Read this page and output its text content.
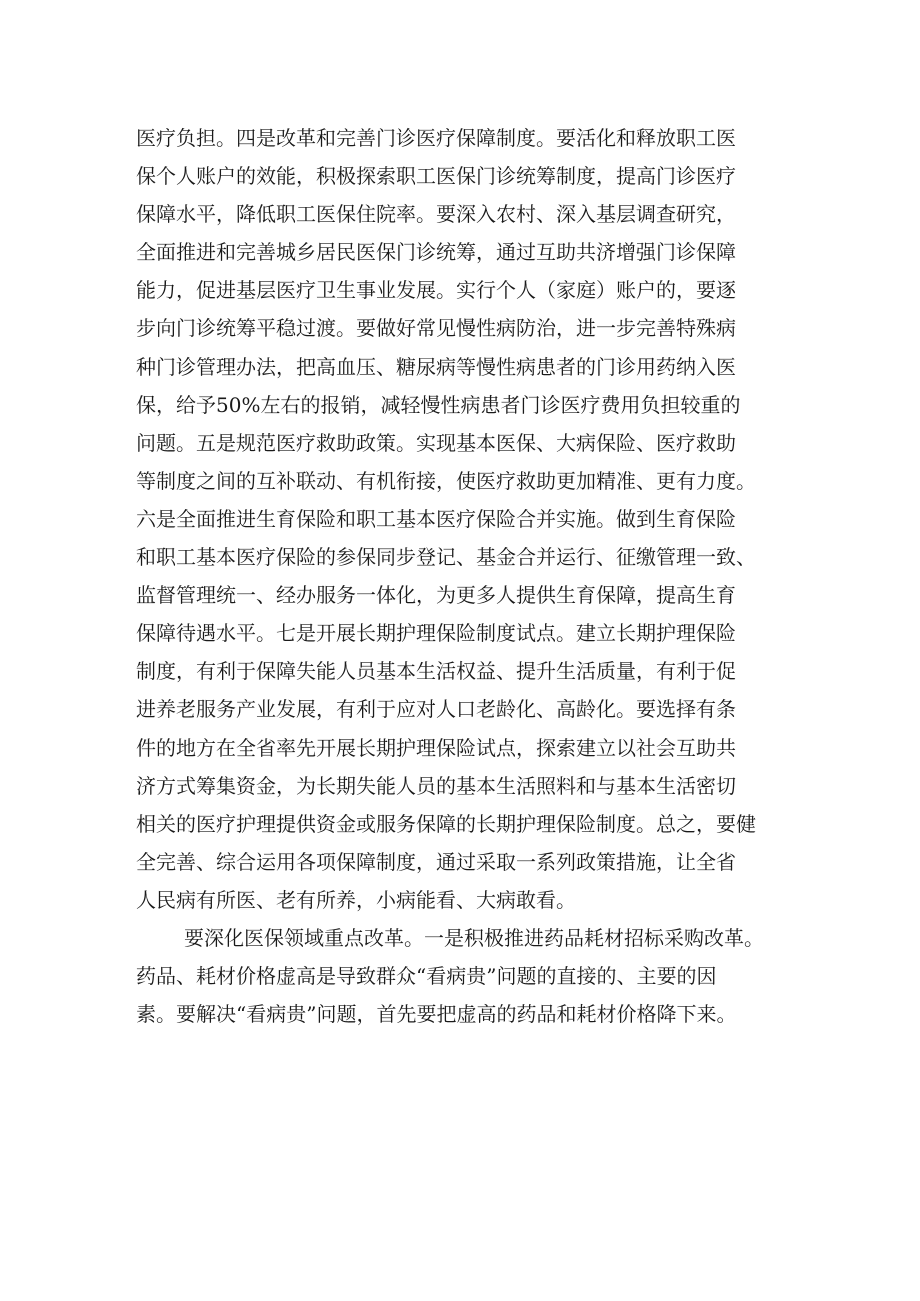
医疗负担。四是改革和完善门诊医疗保障制度。要活化和释放职工医
保个人账户的效能，积极探索职工医保门诊统筹制度，提高门诊医疗
保障水平，降低职工医保住院率。要深入农村、深入基层调查研究，
全面推进和完善城乡居民医保门诊统筹，通过互助共济增强门诊保障
能力，促进基层医疗卫生事业发展。实行个人（家庭）账户的，要逐
步向门诊统筹平稳过渡。要做好常见慢性病防治，进一步完善特殊病
种门诊管理办法，把高血压、糖尿病等慢性病患者的门诊用药纳入医
保，给予50%左右的报销，减轻慢性病患者门诊医疗费用负担较重的
问题。五是规范医疗救助政策。实现基本医保、大病保险、医疗救助
等制度之间的互补联动、有机衔接，使医疗救助更加精准、更有力度。
六是全面推进生育保险和职工基本医疗保险合并实施。做到生育保险
和职工基本医疗保险的参保同步登记、基金合并运行、征缴管理一致、
监督管理统一、经办服务一体化，为更多人提供生育保障，提高生育
保障待遇水平。七是开展长期护理保险制度试点。建立长期护理保险
制度，有利于保障失能人员基本生活权益、提升生活质量，有利于促
进养老服务产业发展，有利于应对人口老龄化、高龄化。要选择有条
件的地方在全省率先开展长期护理保险试点，探索建立以社会互助共
济方式筹集资金，为长期失能人员的基本生活照料和与基本生活密切
相关的医疗护理提供资金或服务保障的长期护理保险制度。总之，要健
全完善、综合运用各项保障制度，通过采取一系列政策措施，让全省
人民病有所医、老有所养，小病能看、大病敢看。
要深化医保领域重点改革。一是积极推进药品耗材招标采购改革。
药品、耗材价格虚高是导致群众“看病贵”问题的直接的、主要的因
素。要解决“看病贵”问题，首先要把虚高的药品和耗材价格降下来。
